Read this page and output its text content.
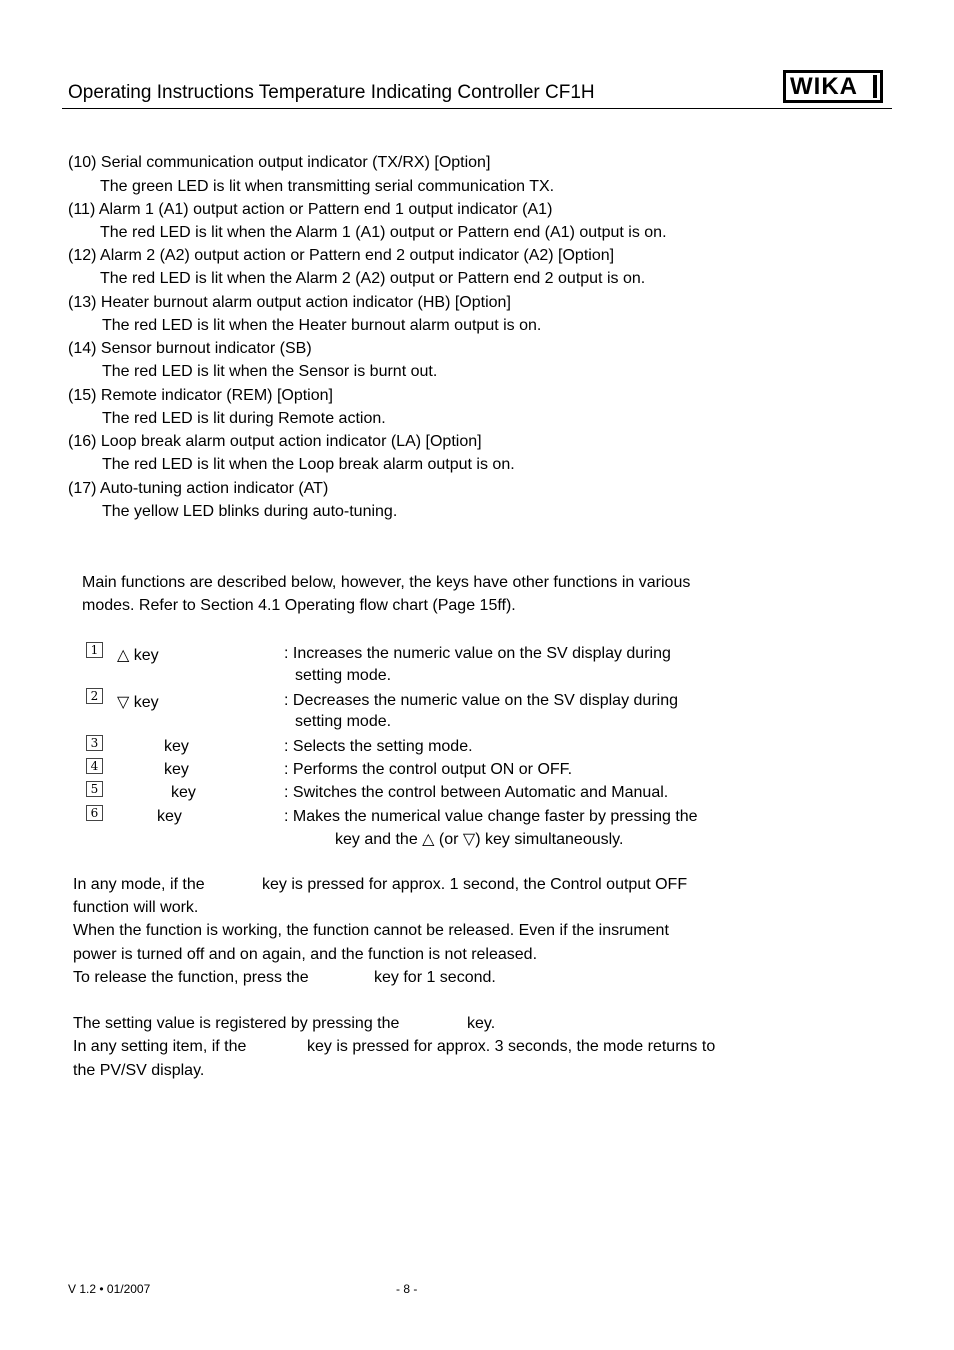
Operating Instructions Temperature Indicating Controller CF1H	WIKA
(10) Serial communication output indicator (TX/RX) [Option]
The green LED is lit when transmitting serial communication TX.
(11) Alarm 1 (A1) output action or Pattern end 1 output indicator (A1)
The red LED is lit when the Alarm 1 (A1) output or Pattern end (A1) output is on.
(12) Alarm 2 (A2) output action or Pattern end 2 output indicator (A2) [Option]
The red LED is lit when the Alarm 2 (A2) output or Pattern end 2 output is on.
(13) Heater burnout alarm output action indicator (HB) [Option]
The red LED is lit when the Heater burnout alarm output is on.
(14) Sensor burnout indicator (SB)
The red LED is lit when the Sensor is burnt out.
(15) Remote indicator (REM) [Option]
The red LED is lit during Remote action.
(16) Loop break alarm output action indicator (LA) [Option]
The red LED is lit when the Loop break alarm output is on.
(17) Auto-tuning action indicator (AT)
The yellow LED blinks during auto-tuning.
Main functions are described below, however, the keys have other functions in various
modes. Refer to Section 4.1 Operating flow chart (Page 15ff).
1 △ key	: Increases the numeric value on the SV display during
setting mode.
2 ▽ key	: Decreases the numeric value on the SV display during
setting mode.
3	key	: Selects the setting mode.
4	key	: Performs the control output ON or OFF.
5	key	: Switches the control between Automatic and Manual.
6	key	: Makes the numerical value change faster by pressing the
key and the △ (or ▽) key simultaneously.
In any mode, if the	key is pressed for approx. 1 second, the Control output OFF
function will work.
When the function is working, the function cannot be released. Even if the insrument
power is turned off and on again, and the function is not released.
To release the function, press the	key for 1 second.
The setting value is registered by pressing the	key.
In any setting item, if the	key is pressed for approx. 3 seconds, the mode returns to
the PV/SV display.
V 1.2 • 01/2007	- 8 -
